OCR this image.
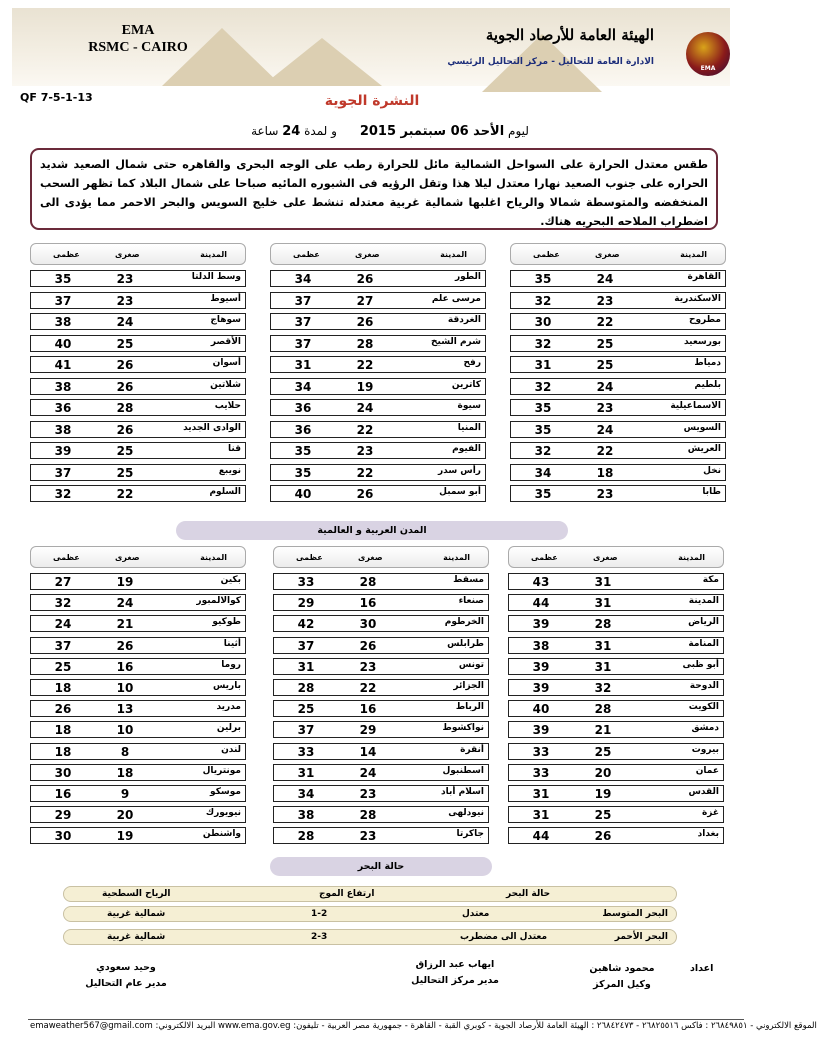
EMA
RSMC - CAIRO
الهيئة العامة للأرصاد الجوية
الادارة العامة للتحاليل - مركز التحاليل الرئيسي
EMA
QF 7-5-1-13	النشرة الجوية
ليوم الأحد 06 سبتمبر 2015      و لمدة 24 ساعة
طقس معتدل الحرارة على السواحل الشمالية مائل للحرارة رطب على الوجه البحرى والقاهره حتى شمال الصعيد شديد الحراره على جنوب الصعيد نهارا معتدل ليلا هذا وتقل الرؤيه فى الشبوره المائيه صباحا على شمال البلاد كما تظهر السحب المنخفضه والمتوسطة شمالا والرياح اغلبها شمالية غربية معتدله تنشط على خليج السويس والبحر الاحمر مما يؤدى الى اضطراب الملاحه البحريه هناك.
المدينة
صغرى
عظمى
القاهرة
24
35
الاسكندرية
23
32
مطروح
22
30
بورسعيد
25
32
دمياط
25
31
بلطيم
24
32
الاسماعيلية
23
35
السويس
24
35
العريش
22
32
نخل
18
34
طابا
23
35
المدينة
صغرى
عظمى
الطور
26
34
مرسى علم
27
37
الغردقة
26
37
شرم الشيخ
28
37
رفح
22
31
كاترين
19
34
سيوة
24
36
المنيا
22
36
الفيوم
23
35
رأس سدر
22
35
أبو سمبل
26
40
المدينة
صغرى
عظمى
وسط الدلتا
23
35
أسيوط
23
37
سوهاج
24
38
الأقصر
25
40
أسوان
26
41
شلاتين
26
38
حلايب
28
36
الوادى الجديد
26
38
قنا
25
39
نويبع
25
37
السلوم
22
32
المدن العربية و العالمية
المدينة
صغرى
عظمى
مكة
31
43
المدينة
31
44
الرياض
28
39
المنامة
31
38
أبو ظبى
31
39
الدوحة
32
39
الكويت
28
40
دمشق
21
39
بيروت
25
33
عمان
20
33
القدس
19
31
غزة
25
31
بغداد
26
44
المدينة
صغرى
عظمى
مسقط
28
33
صنعاء
16
29
الخرطوم
30
42
طرابلس
26
37
تونس
23
31
الجزائر
22
28
الرباط
16
25
نواكشوط
29
37
أنقرة
14
33
اسطنبول
24
31
اسلام أباد
23
34
نيودلهى
28
38
جاكرتا
23
28
المدينة
صغرى
عظمى
بكين
19
27
كوالالمبور
24
32
طوكيو
21
24
أثينا
26
37
روما
16
25
باريس
10
18
مدريد
13
26
برلين
10
18
لندن
8
18
مونتريال
18
30
موسكو
9
16
نيويورك
20
29
واشنطن
19
30
حالة البحر
حالة البحر
ارتفاع الموج
الرياح السطحية
البحر المتوسط
معتدل
1-2
شمالية غربية
البحر الأحمر
معتدل الى مضطرب
2-3
شمالية غربية
اعداد
محمود شاهين
وكيل المركز
ايهاب عبد الرزاق
مدير مركز التحاليل
وحيد سعودي
مدير عام التحاليل
emaweather567@gmail.com :البريد الالكتروني www.ema.gov.eg :الموقع الالكتروني - ٢٦٨٤٩٨٥١ : فاكس ٢٦٨٢٥٥١٦ - ٢٦٨٤٢٤٧٣ : الهيئة العامة للأرصاد الجوية - كوبري القبة - القاهرة - جمهورية مصر العربية - تليفون
